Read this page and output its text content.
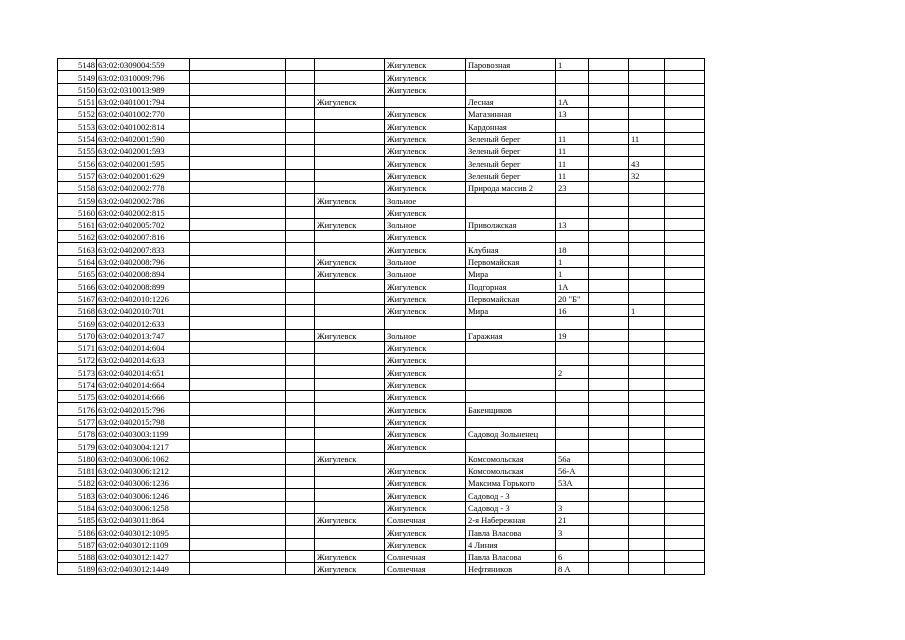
5148	63:02:0309004:559				Жигулевск	Паровозная	1			
5149	63:02:0310009:796				Жигулевск					
5150	63:02:0310013:989				Жигулевск					
5151	63:02:0401001:794			Жигулевск		Лесная	1А			
5152	63:02:0401002:770				Жигулевск	Магазинная	13			
5153	63:02:0401002:814				Жигулевск	Кардонная				
5154	63:02:0402001:590				Жигулевск	Зеленый берег	11		11	
5155	63:02:0402001:593				Жигулевск	Зеленый берег	11			
5156	63:02:0402001:595				Жигулевск	Зеленый берег	11		43	
5157	63:02:0402001:629				Жигулевск	Зеленый берег	11		32	
5158	63:02:0402002:778				Жигулевск	Природа массив 2	23			
5159	63:02:0402002:786			Жигулевск	Зольное					
5160	63:02:0402002:815				Жигулевск					
5161	63:02:0402005:702			Жигулевск	Зольное	Приволжская	13			
5162	63:02:0402007:816				Жигулевск					
5163	63:02:0402007:833				Жигулевск	Клубная	18			
5164	63:02:0402008:796			Жигулевск	Зольное	Первомайская	1			
5165	63:02:0402008:894			Жигулевск	Зольное	Мира	1			
5166	63:02:0402008:899				Жигулевск	Подгорная	1А			
5167	63:02:0402010:1226				Жигулевск	Первомайская	20 "Б"			
5168	63:02:0402010:701				Жигулевск	Мира	16		1	
5169	63:02:0402012:633									
5170	63:02:0402013:747			Жигулевск	Зольное	Гаражная	19			
5171	63:02:0402014:604				Жигулевск					
5172	63:02:0402014:633				Жигулевск					
5173	63:02:0402014:651				Жигулевск		2			
5174	63:02:0402014:664				Жигулевск					
5175	63:02:0402014:666				Жигулевск					
5176	63:02:0402015:796				Жигулевск	Бакенщиков				
5177	63:02:0402015:798				Жигулевск					
5178	63:02:0403003:1199				Жигулевск	Садовод Зольненец				
5179	63:02:0403004:1217				Жигулевск					
5180	63:02:0403006:1062			Жигулевск		Комсомольская	56а			
5181	63:02:0403006:1212				Жигулевск	Комсомольская	56-А			
5182	63:02:0403006:1236				Жигулевск	Максима Горького	53А			
5183	63:02:0403006:1246				Жигулевск	Садовод - 3				
5184	63:02:0403006:1258				Жигулевск	Садовод - 3	3			
5185	63:02:0403011:864			Жигулевск	Солнечная	2-я Набережная	21			
5186	63:02:0403012:1095				Жигулевск	Павла Власова	3			
5187	63:02:0403012:1109				Жигулевск	4 Линия				
5188	63:02:0403012:1427			Жигулевск	Солнечная	Павла Власова	6			
5189	63:02:0403012:1449			Жигулевск	Солнечная	Нефтяников	8 А			
